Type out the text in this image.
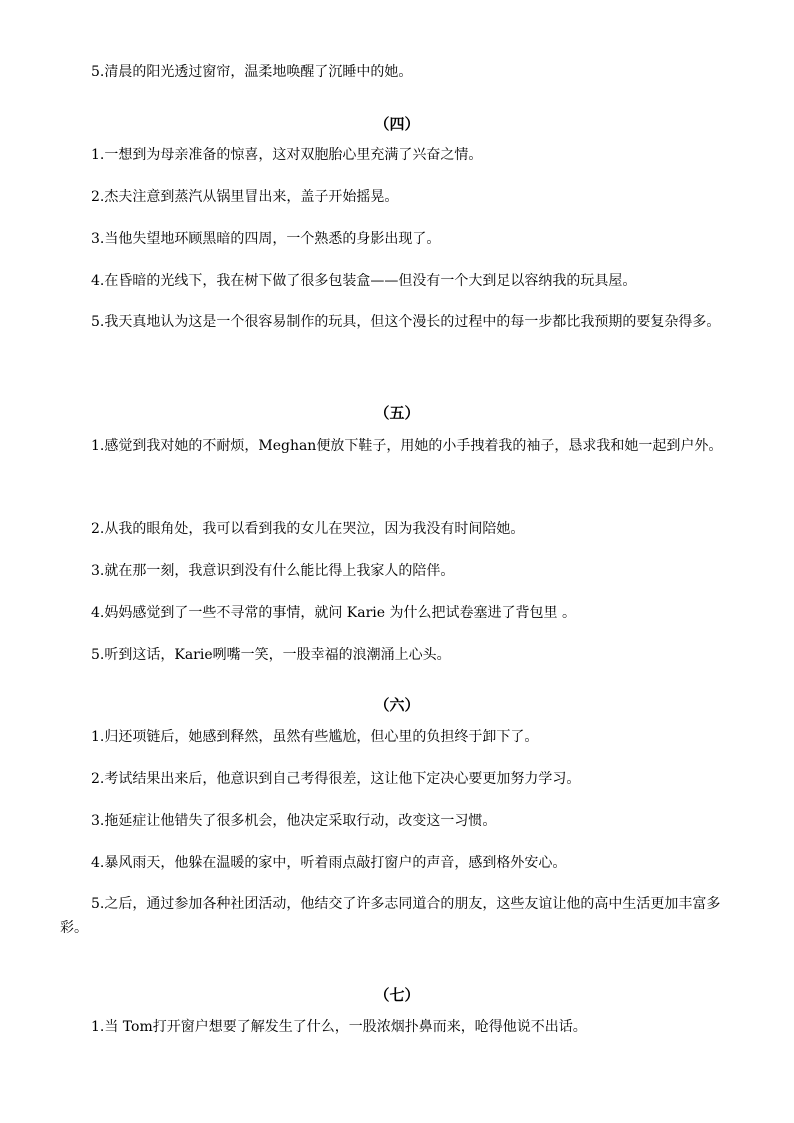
5.清晨的阳光透过窗帘，温柔地唤醒了沉睡中的她。

（四）

1.一想到为母亲准备的惊喜，这对双胞胎心里充满了兴奋之情。

2.杰夫注意到蒸汽从锅里冒出来，盖子开始摇晃。

3.当他失望地环顾黑暗的四周，一个熟悉的身影出现了。

4.在昏暗的光线下，我在树下做了很多包装盒——但没有一个大到足以容纳我的玩具屋。

5.我天真地认为这是一个很容易制作的玩具，但这个漫长的过程中的每一步都比我预期的要复杂得多。

（五）

1.感觉到我对她的不耐烦，Meghan便放下鞋子，用她的小手拽着我的袖子，恳求我和她一起到户外。

2.从我的眼角处，我可以看到我的女儿在哭泣，因为我没有时间陪她。

3.就在那一刻，我意识到没有什么能比得上我家人的陪伴。

4.妈妈感觉到了一些不寻常的事情，就问 Karie 为什么把试卷塞进了背包里 。

5.听到这话，Karie咧嘴一笑，一股幸福的浪潮涌上心头。

（六）

1.归还项链后，她感到释然，虽然有些尴尬，但心里的负担终于卸下了。

2.考试结果出来后，他意识到自己考得很差，这让他下定决心要更加努力学习。

3.拖延症让他错失了很多机会，他决定采取行动，改变这一习惯。

4.暴风雨天，他躲在温暖的家中，听着雨点敲打窗户的声音，感到格外安心。

5.之后，通过参加各种社团活动，他结交了许多志同道合的朋友，这些友谊让他的高中生活更加丰富多彩。

（七）

1.当 Tom打开窗户想要了解发生了什么，一股浓烟扑鼻而来，呛得他说不出话。
